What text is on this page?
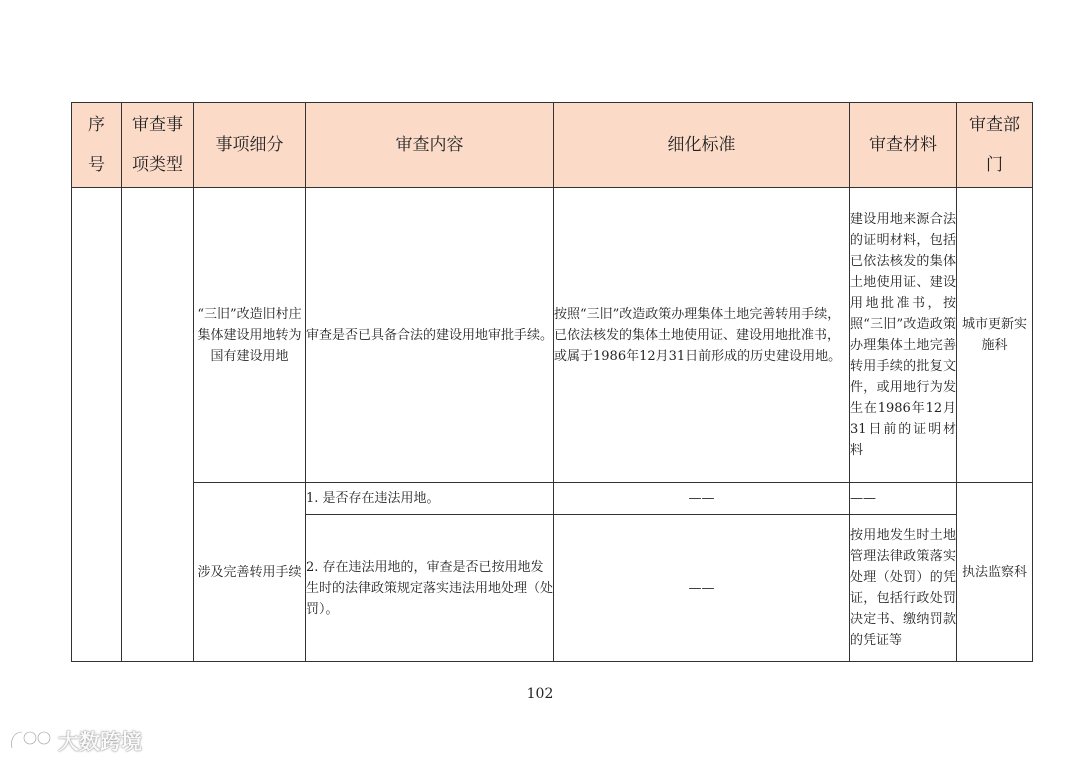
序号	审查事项类型	事项细分	审查内容	细化标准	审查材料	审查部门

		“三旧”改造旧村庄集体建设用地转为国有建设用地	审查是否已具备合法的建设用地审批手续。	按照“三旧”改造政策办理集体土地完善转用手续，已依法核发的集体土地使用证、建设用地批准书，或属于1986年12月31日前形成的历史建设用地。	建设用地来源合法的证明材料，包括已依法核发的集体土地使用证、建设用地批准书，按照“三旧”改造政策办理集体土地完善转用手续的批复文件，或用地行为发生在1986年12月31日前的证明材料	城市更新实施科
		涉及完善转用手续	1. 是否存在违法用地。	——	——	执法监察科
			2. 存在违法用地的，审查是否已按用地发生时的法律政策规定落实违法用地处理（处罚）。	——	按用地发生时土地管理法律政策落实处理（处罚）的凭证，包括行政处罚决定书、缴纳罚款的凭证等	
102
大数跨境
